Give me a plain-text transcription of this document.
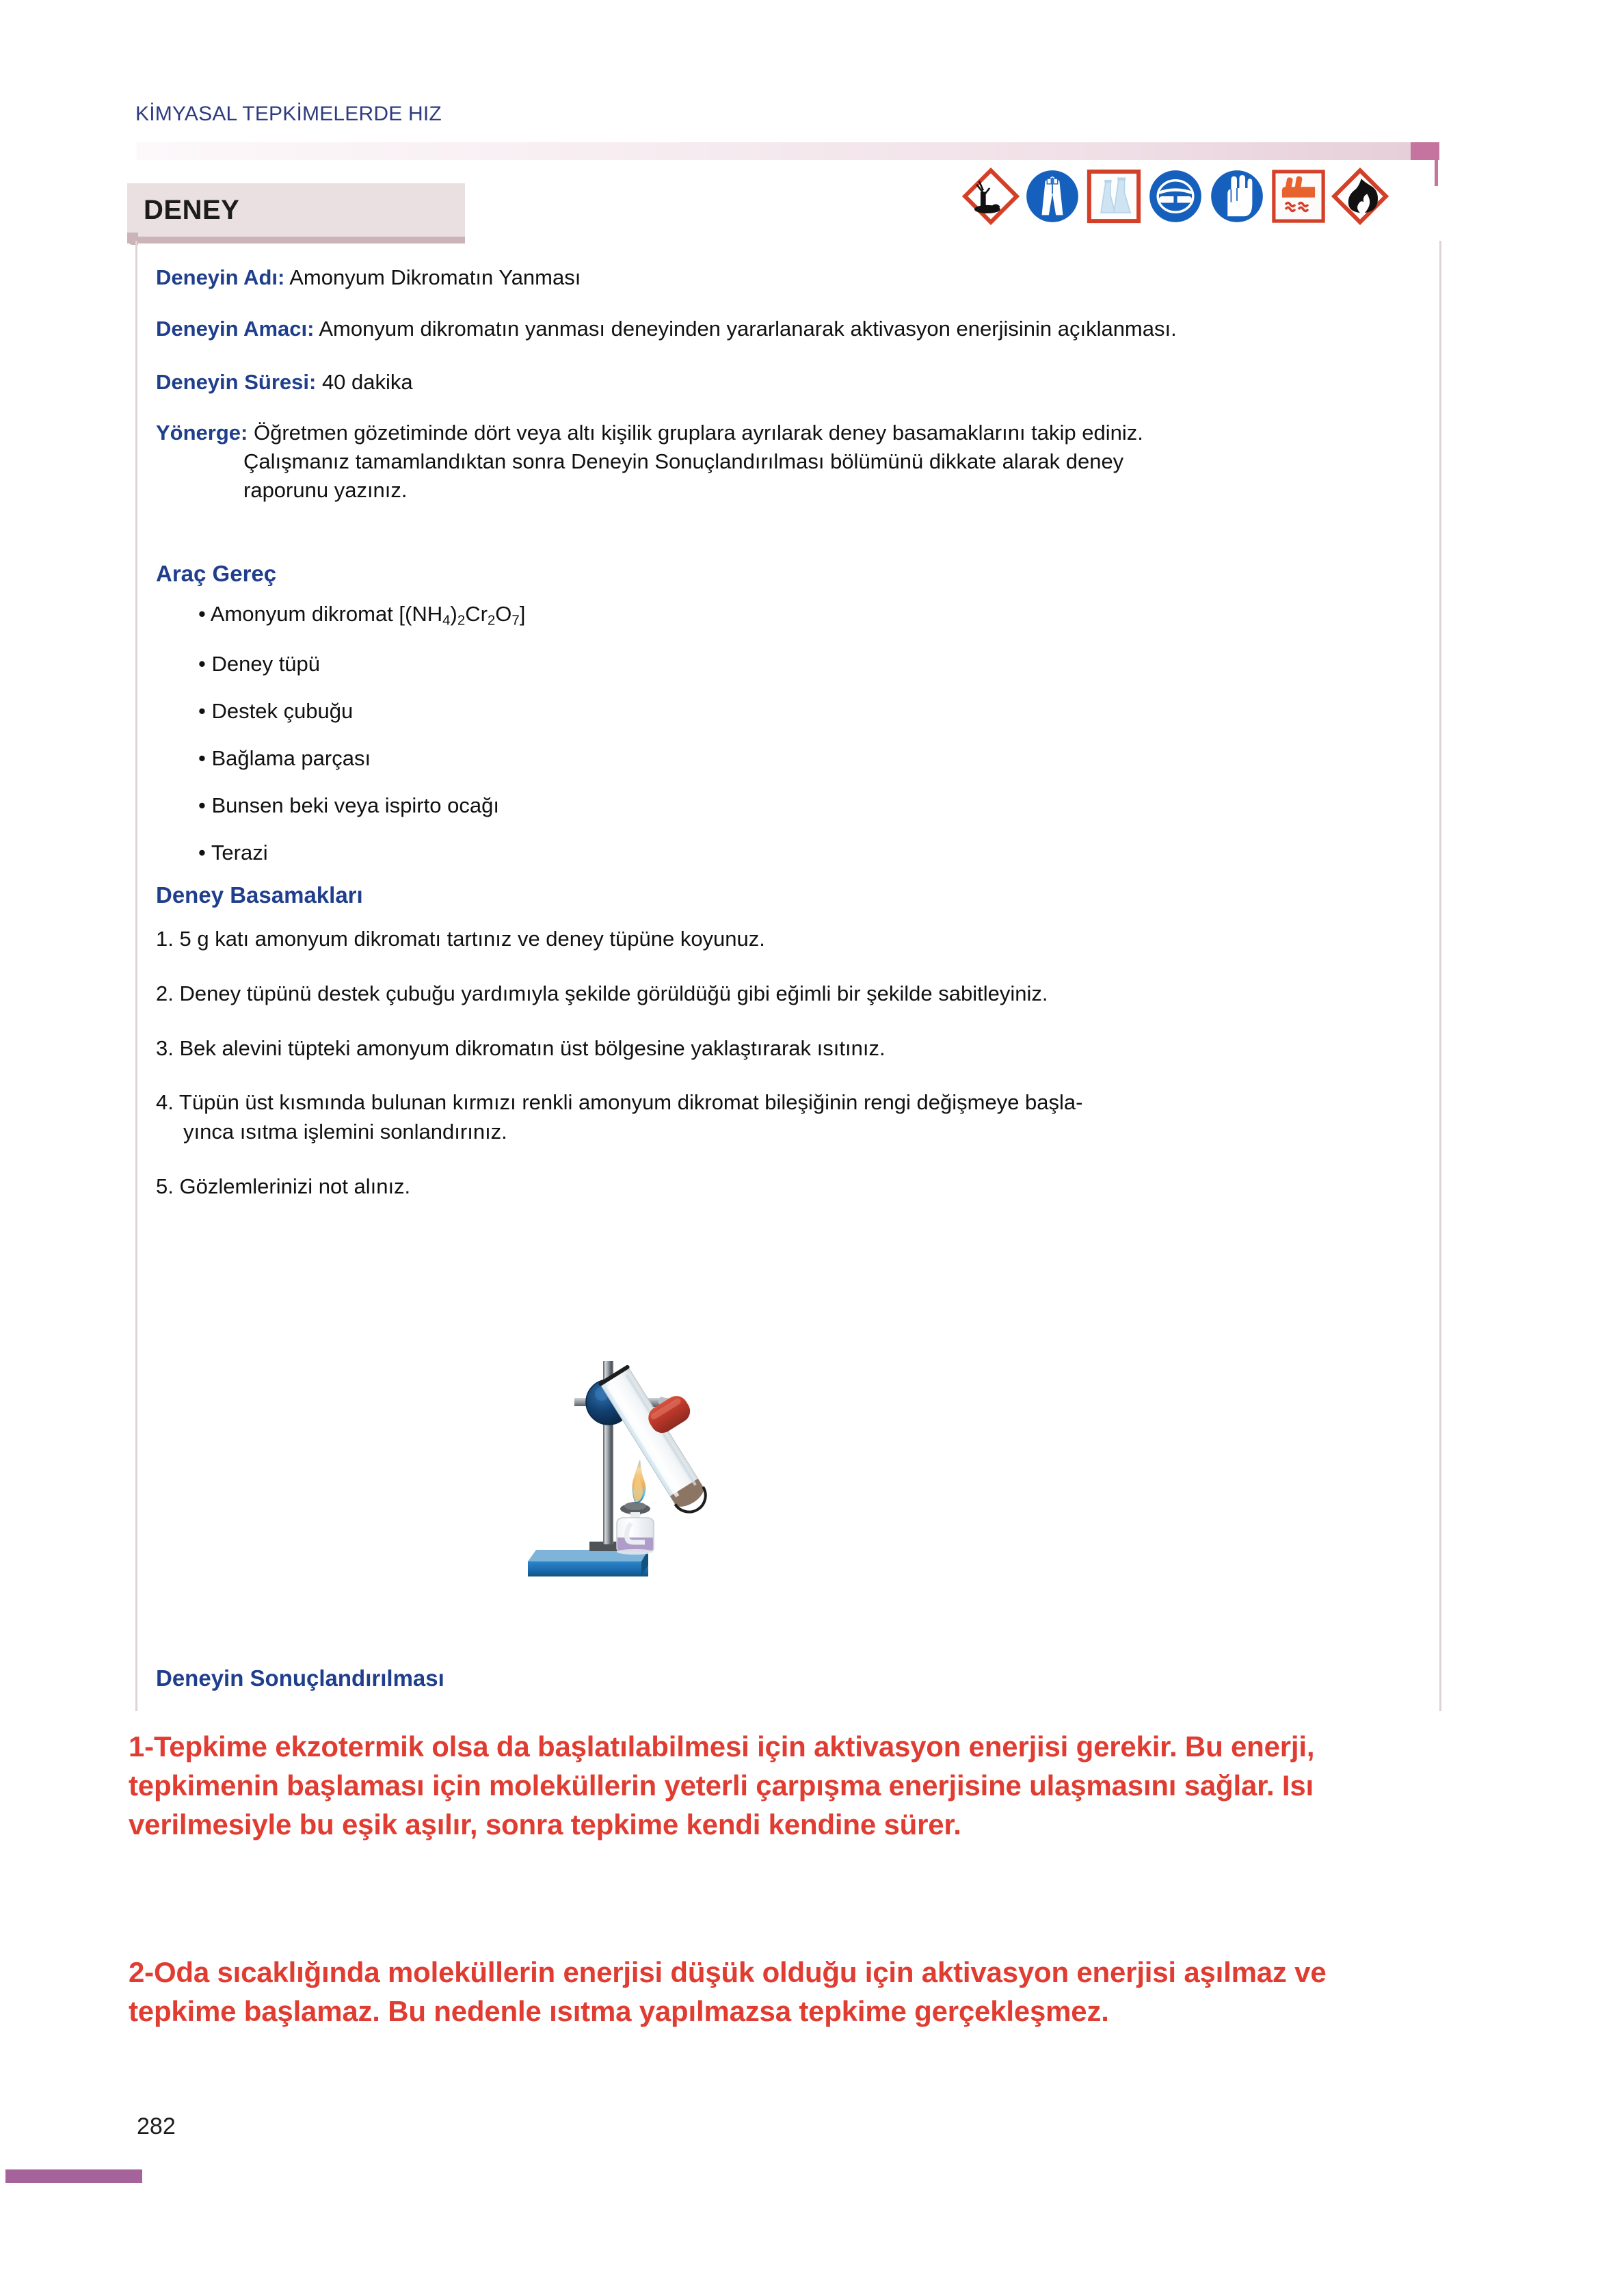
KİMYASAL TEPKİMELERDE HIZ
DENEY
Deneyin Adı: Amonyum Dikromatın Yanması
Deneyin Amacı: Amonyum dikromatın yanması deneyinden yararlanarak aktivasyon enerjisinin açıklanması.
Deneyin Süresi: 40 dakika
Yönerge: Öğretmen gözetiminde dört veya altı kişilik gruplara ayrılarak deney basamaklarını takip ediniz.
Çalışmanız tamamlandıktan sonra Deneyin Sonuçlandırılması bölümünü dikkate alarak deney
raporunu yazınız.
Araç Gereç
• Amonyum dikromat $[(NH_4)_2Cr_2O_7]$
• Deney tüpü
• Destek çubuğu
• Bağlama parçası
• Bunsen beki veya ispirto ocağı
• Terazi
Deney Basamakları
1. 5 g katı amonyum dikromatı tartınız ve deney tüpüne koyunuz.
2. Deney tüpünü destek çubuğu yardımıyla şekilde görüldüğü gibi eğimli bir şekilde sabitleyiniz.
3. Bek alevini tüpteki amonyum dikromatın üst bölgesine yaklaştırarak ısıtınız.
4. Tüpün üst kısmında bulunan kırmızı renkli amonyum dikromat bileşiğinin rengi değişmeye başla-
yınca ısıtma işlemini sonlandırınız.
5. Gözlemlerinizi not alınız.
Deneyin Sonuçlandırılması

1-Tepkime ekzotermik olsa da başlatılabilmesi için aktivasyon enerjisi gerekir. Bu enerji, tepkimenin başlaması için moleküllerin yeterli çarpışma enerjisine ulaşmasını sağlar. Isı verilmesiyle bu eşik aşılır, sonra tepkime kendi kendine sürer.
2-Oda sıcaklığında moleküllerin enerjisi düşük olduğu için aktivasyon enerjisi aşılmaz ve tepkime başlamaz. Bu nedenle ısıtma yapılmazsa tepkime gerçekleşmez.
282
